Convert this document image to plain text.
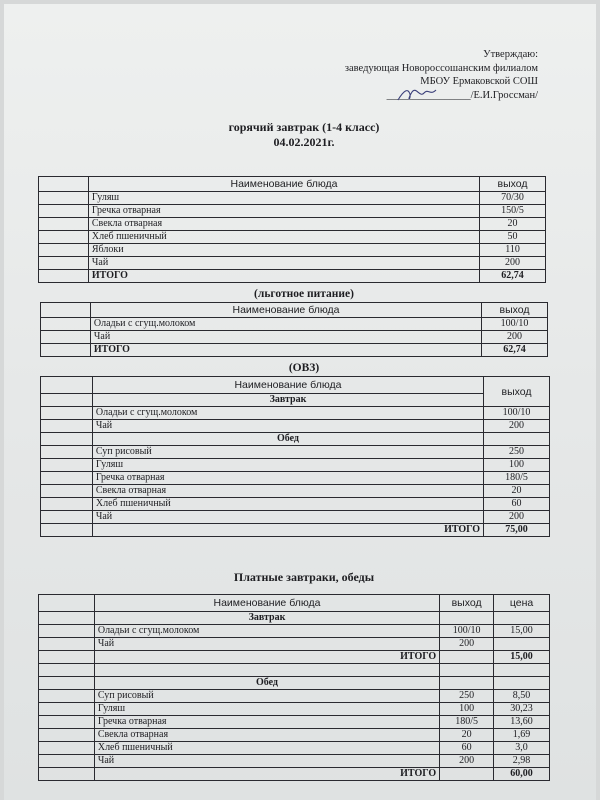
Утверждаю:
заведующая Новороссошанским филиалом
МБОУ Ермаковской СОШ
________________/Е.И.Гроссман/
горячий завтрак (1-4 класс)
04.02.2021г.
	Наименование блюда	выход
	Гуляш	70/30
	Гречка отварная	150/5
	Свекла отварная	20
	Хлеб пшеничный	50
	Яблоки	110
	Чай	200
	ИТОГО	62,74
(льготное питание)
	Наименование блюда	выход
	Оладьи с сгущ.молоком	100/10
	Чай	200
	ИТОГО	62,74
(ОВЗ)
	Наименование блюда	выход
	Завтрак	
	Оладьи с сгущ.молоком	100/10
	Чай	200
	Обед	
	Суп рисовый	250
	Гуляш	100
	Гречка отварная	180/5
	Свекла отварная	20
	Хлеб пшеничный	60
	Чай	200
	ИТОГО	75,00
Платные завтраки, обеды
	Наименование блюда	выход	цена
	Завтрак		
	Оладьи с сгущ.молоком	100/10	15,00
	Чай	200	
	ИТОГО		15,00

	Обед		
	Суп рисовый	250	8,50
	Гуляш	100	30,23
	Гречка отварная	180/5	13,60
	Свекла отварная	20	1,69
	Хлеб пшеничный	60	3,0
	Чай	200	2,98
	ИТОГО		60,00
